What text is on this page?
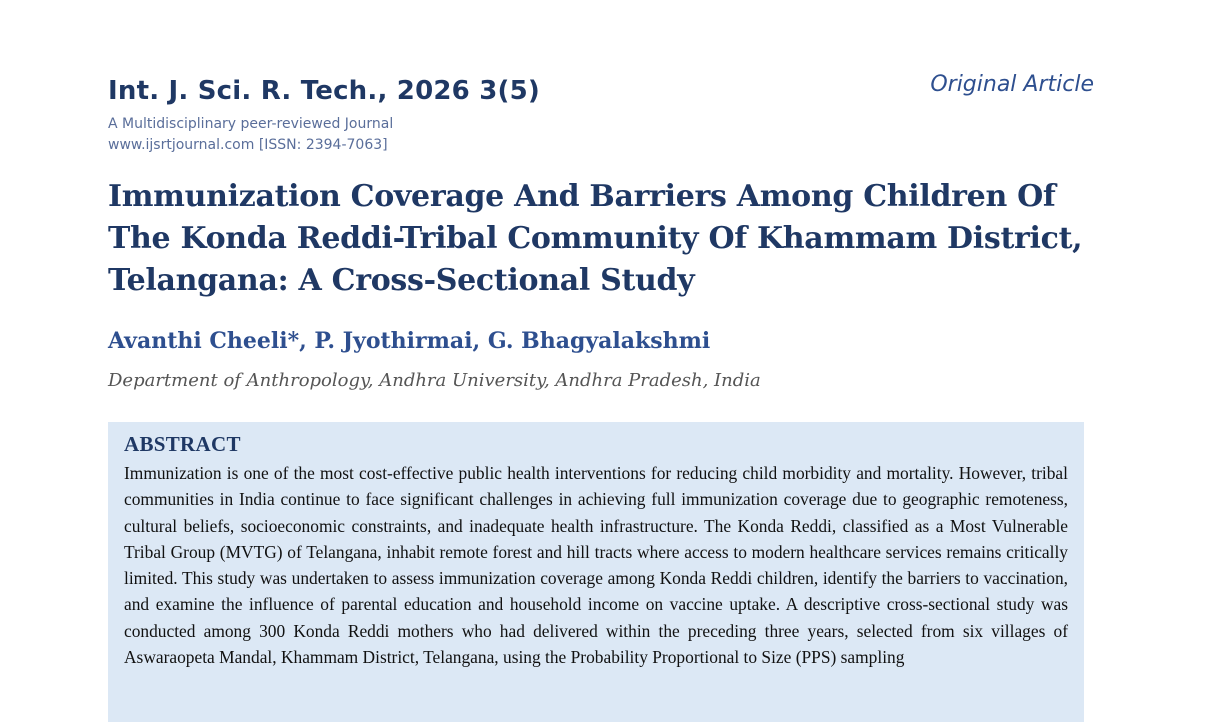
Int. J. Sci. R. Tech., 2026 3(5)	Original Article
A Multidisciplinary peer-reviewed Journal
www.ijsrtjournal.com [ISSN: 2394-7063]
Immunization Coverage And Barriers Among Children Of The Konda Reddi-Tribal Community Of Khammam District, Telangana: A Cross-Sectional Study
Avanthi Cheeli*, P. Jyothirmai, G. Bhagyalakshmi
Department of Anthropology, Andhra University, Andhra Pradesh, India
ABSTRACT

Immunization is one of the most cost-effective public health interventions for reducing child morbidity and mortality. However, tribal communities in India continue to face significant challenges in achieving full immunization coverage due to geographic remoteness, cultural beliefs, socioeconomic constraints, and inadequate health infrastructure. The Konda Reddi, classified as a Most Vulnerable Tribal Group (MVTG) of Telangana, inhabit remote forest and hill tracts where access to modern healthcare services remains critically limited. This study was undertaken to assess immunization coverage among Konda Reddi children, identify the barriers to vaccination, and examine the influence of parental education and household income on vaccine uptake. A descriptive cross-sectional study was conducted among 300 Konda Reddi mothers who had delivered within the preceding three years, selected from six villages of Aswaraopeta Mandal, Khammam District, Telangana, using the Probability Proportional to Size (PPS) sampling
